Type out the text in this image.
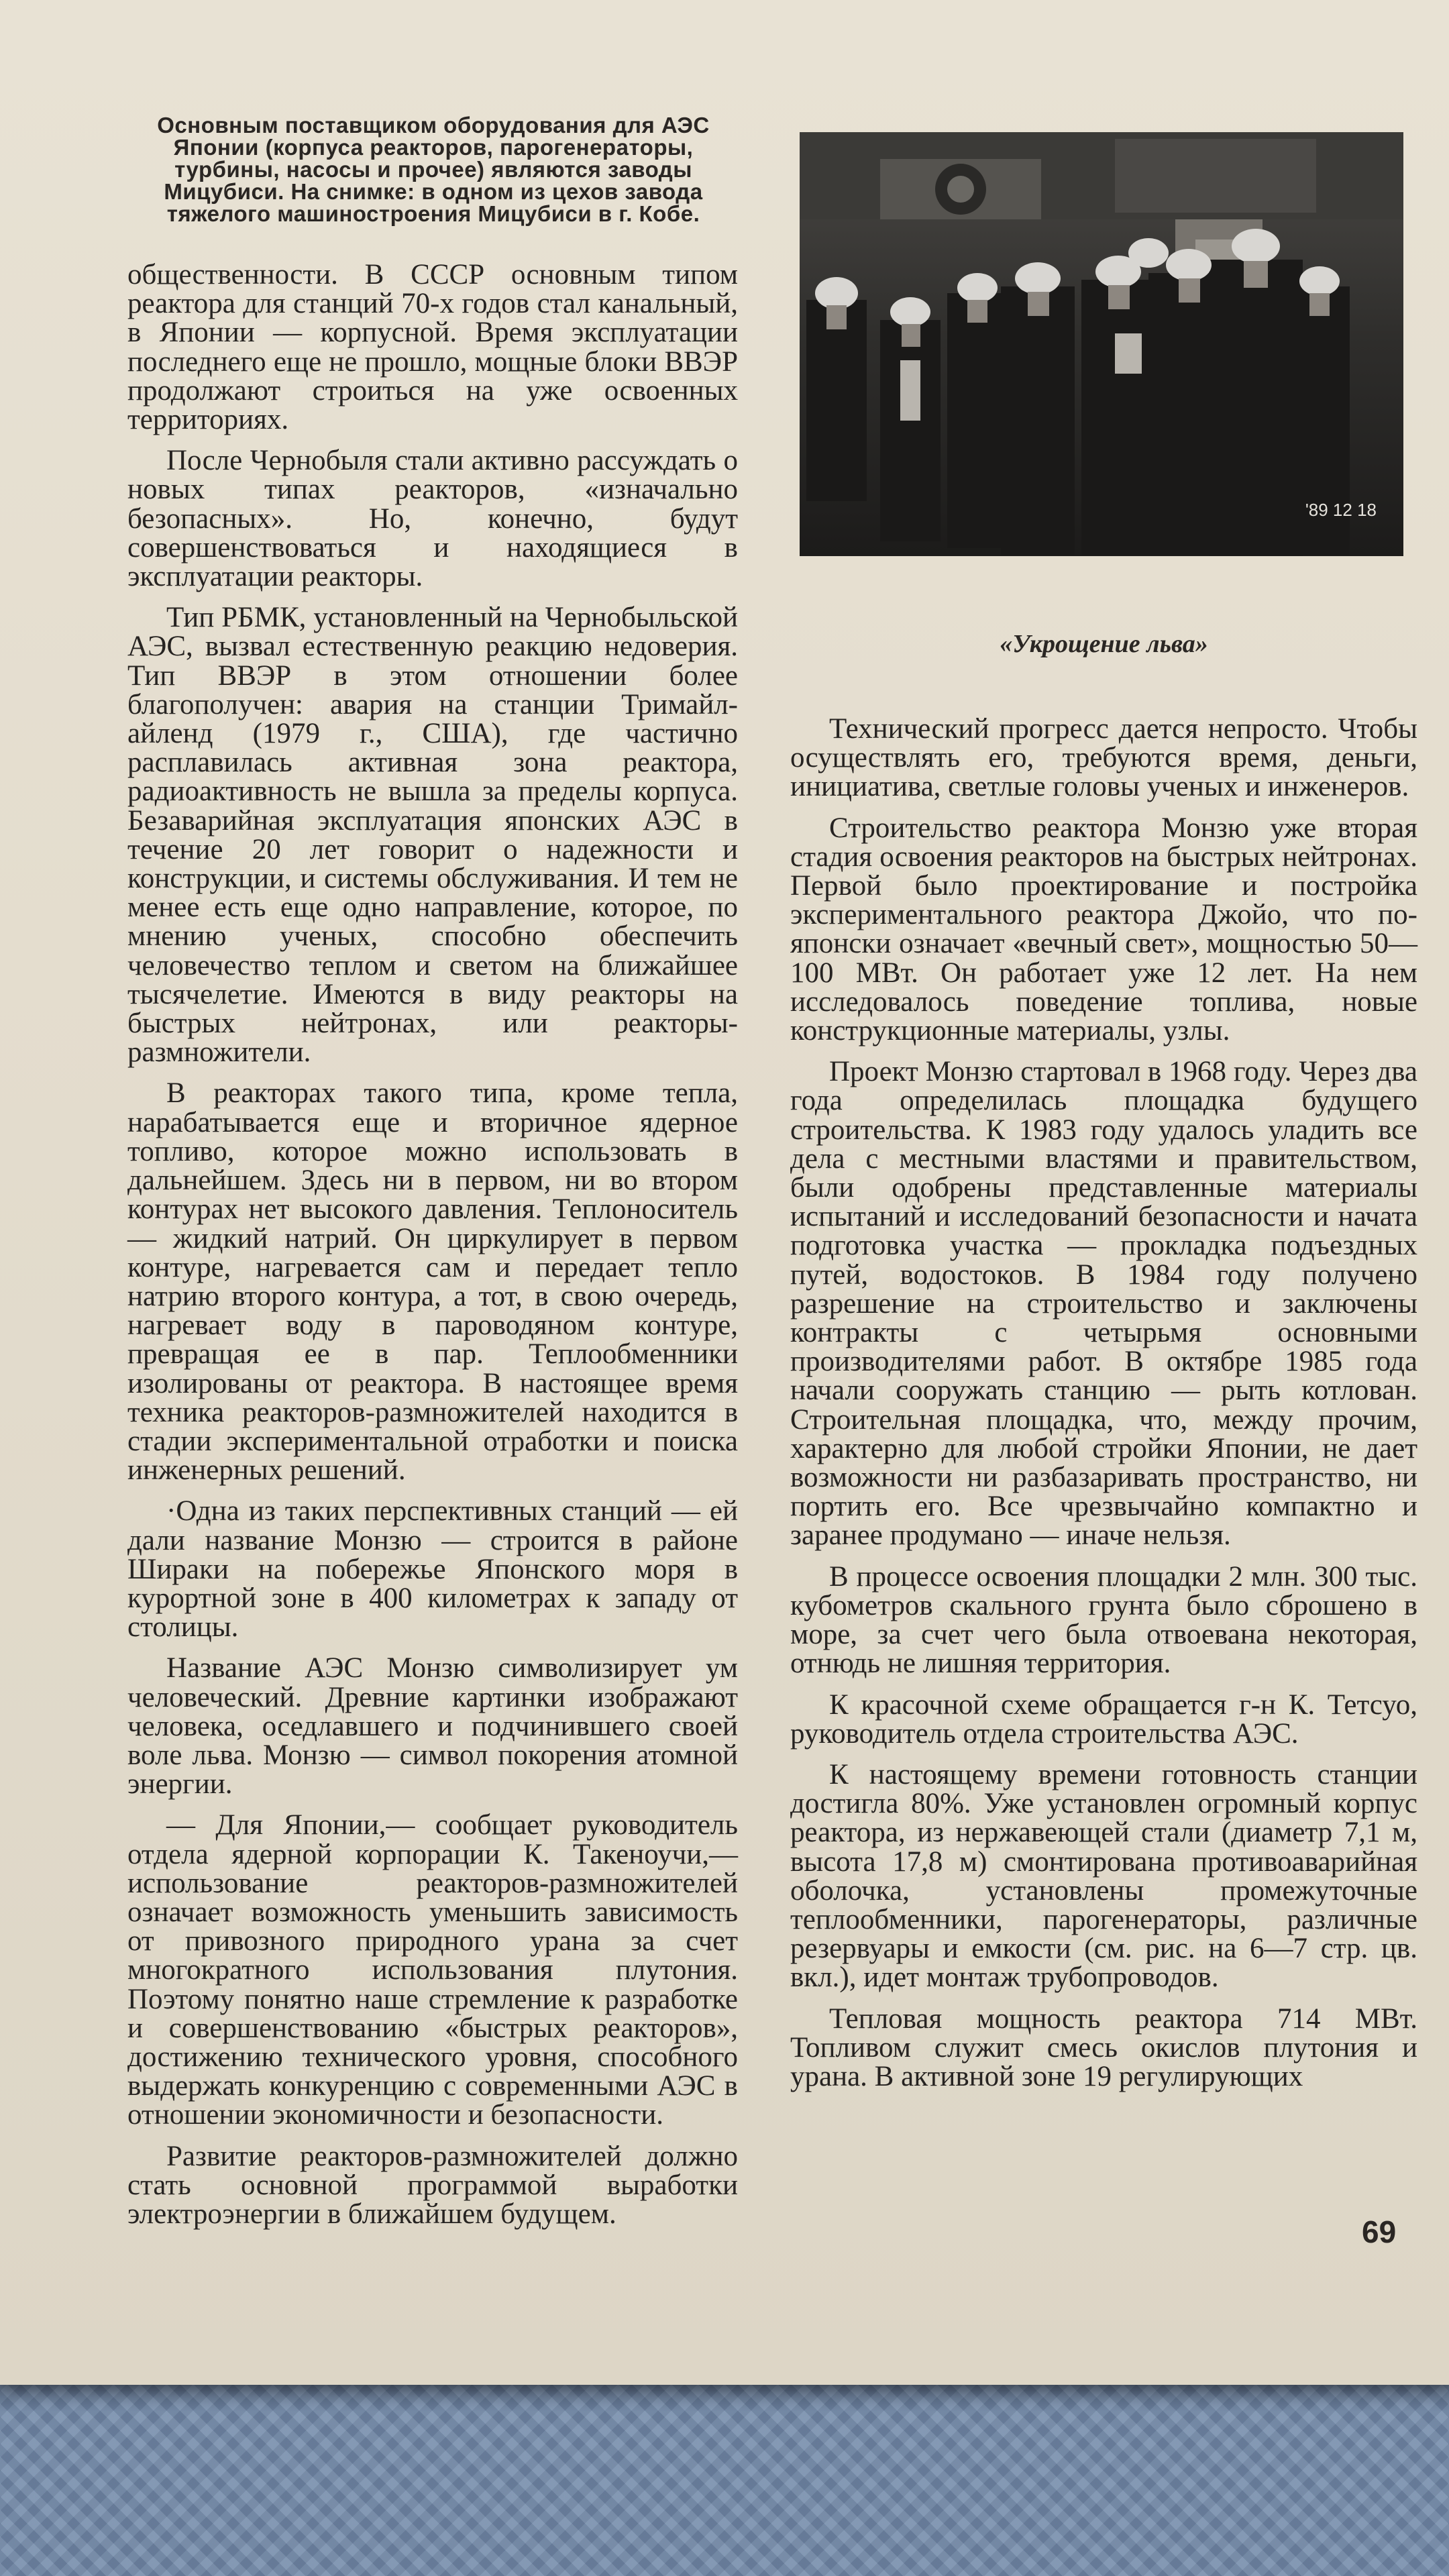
Основным поставщиком оборудования для АЭС Японии (корпуса реакторов, парогенераторы, турбины, насосы и прочее) являются заводы Мицубиси. На снимке: в одном из цехов завода тяжелого машиностроения Мицубиси в г. Кобе.
'89 12 18

общественности. В СССР основным типом реактора для станций 70-х годов стал канальный, в Японии — корпусной. Время эксплуатации последнего еще не прошло, мощные блоки ВВЭР продолжают строиться на уже освоенных территориях.

После Чернобыля стали активно рассуждать о новых типах реакторов, «изначально безопасных». Но, конечно, будут совершенствоваться и находящиеся в эксплуатации реакторы.

Тип РБМК, установленный на Чернобыльской АЭС, вызвал естественную реакцию недоверия. Тип ВВЭР в этом отношении более благополучен: авария на станции Тримайл-айленд (1979 г., США), где частично расплавилась активная зона реактора, радиоактивность не вышла за пределы корпуса. Безаварийная эксплуатация японских АЭС в течение 20 лет говорит о надежности и конструкции, и системы обслуживания. И тем не менее есть еще одно направление, которое, по мнению ученых, способно обеспечить человечество теплом и светом на ближайшее тысячелетие. Имеются в виду реакторы на быстрых нейтронах, или реакторы-размножители.

В реакторах такого типа, кроме тепла, нарабатывается еще и вторичное ядерное топливо, которое можно использовать в дальнейшем. Здесь ни в первом, ни во втором контурах нет высокого давления. Теплоноситель — жидкий натрий. Он циркулирует в первом контуре, нагревается сам и передает тепло натрию второго контура, а тот, в свою очередь, нагревает воду в пароводяном контуре, превращая ее в пар. Теплообменники изолированы от реактора. В настоящее время техника реакторов-размножителей находится в стадии экспериментальной отработки и поиска инженерных решений.

·Одна из таких перспективных станций — ей дали название Монзю — строится в районе Шираки на побережье Японского моря в курортной зоне в 400 километрах к западу от столицы.

Название АЭС Монзю символизирует ум человеческий. Древние картинки изображают человека, оседлавшего и подчинившего своей воле льва. Монзю — символ покорения атомной энергии.

— Для Японии,— сообщает руководитель отдела ядерной корпорации К. Такеноучи,— использование реакторов-размножителей означает возможность уменьшить зависимость от привозного природного урана за счет многократного использования плутония. Поэтому понятно наше стремление к разработке и совершенствованию «быстрых реакторов», достижению технического уровня, способного выдержать конкуренцию с современными АЭС в отношении экономичности и безопасности.

Развитие реакторов-размножителей должно стать основной программой выработки электроэнергии в ближайшем будущем.

«Укрощение льва»

Технический прогресс дается непросто. Чтобы осуществлять его, требуются время, деньги, инициатива, светлые головы ученых и инженеров.

Строительство реактора Монзю уже вторая стадия освоения реакторов на быстрых нейтронах. Первой было проектирование и постройка экспериментального реактора Джойо, что по-японски означает «вечный свет», мощностью 50—100 МВт. Он работает уже 12 лет. На нем исследовалось поведение топлива, новые конструкционные материалы, узлы.

Проект Монзю стартовал в 1968 году. Через два года определилась площадка будущего строительства. К 1983 году удалось уладить все дела с местными властями и правительством, были одобрены представленные материалы испытаний и исследований безопасности и начата подготовка участка — прокладка подъездных путей, водостоков. В 1984 году получено разрешение на строительство и заключены контракты с четырьмя основными производителями работ. В октябре 1985 года начали сооружать станцию — рыть котлован. Строительная площадка, что, между прочим, характерно для любой стройки Японии, не дает возможности ни разбазаривать пространство, ни портить его. Все чрезвычайно компактно и заранее продумано — иначе нельзя.

В процессе освоения площадки 2 млн. 300 тыс. кубометров скального грунта было сброшено в море, за счет чего была отвоевана некоторая, отнюдь не лишняя территория.

К красочной схеме обращается г-н К. Тетсуо, руководитель отдела строительства АЭС.

К настоящему времени готовность станции достигла 80%. Уже установлен огромный корпус реактора, из нержавеющей стали (диаметр 7,1 м, высота 17,8 м) смонтирована противоаварийная оболочка, установлены промежуточные теплообменники, парогенераторы, различные резервуары и емкости (см. рис. на 6—7 стр. цв. вкл.), идет монтаж трубопроводов.

Тепловая мощность реактора 714 МВт. Топливом служит смесь окислов плутония и урана. В активной зоне 19 регулирующих

69
